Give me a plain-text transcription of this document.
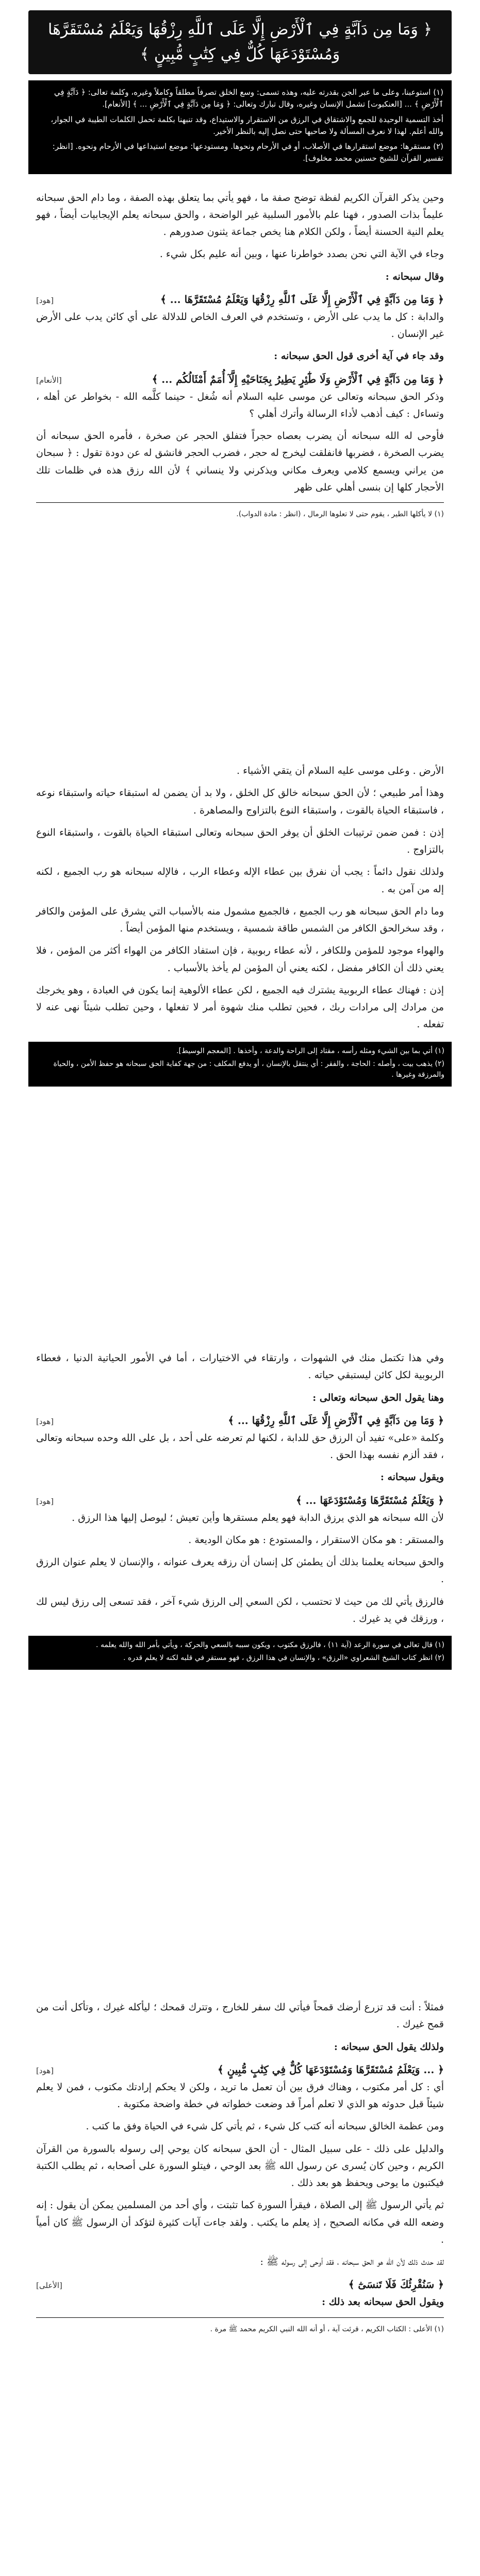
﴿ وَمَا مِن دَآبَّةٍ فِي ٱلْأَرْضِ إِلَّا عَلَى ٱللَّهِ رِزْقُهَا وَيَعْلَمُ مُسْتَقَرَّهَا وَمُسْتَوْدَعَهَا كُلٌّ فِي كِتَٰبٍ مُّبِينٍ ﴾

(١) استوعبنا، وعلى ما عبر الجن بقدرته عليه، وهذه تسمى: وسع الخلق تصرفاً مطلقاً وكاملاً وغيره، وكلمة تعالى: ﴿ دَآبَّةٍ فِي ٱلْأَرْضِ ﴾ ... [العنكبوت] تشمل الإنسان وغيره، وقال تبارك وتعالى: ﴿ وَمَا مِن دَآبَّةٍ فِي ٱلْأَرْضِ ... ﴾ [الأنعام].

أخذ التسمية الوحيدة للجمع والاشتقاق في الرزق من الاستقرار والاستيداع، وقد تنبهنا بكلمة تحمل الكلمات الطيبة في الجوار، والله أعلم. لهذا لا نعرف المسألة ولا صاحبها حتى نصل إليه بالنظر الأخير.

(٢) مستقرها: موضع استقرارها في الأصلاب، أو في الأرحام ونحوها. ومستودعها: موضع استيداعها في الأرحام ونحوه. [انظر: تفسير القرآن للشيخ حسنين محمد مخلوف].

وحين يذكر القرآن الكريم لفظة توضح صفة ما ، فهو يأتي بما يتعلق بهذه الصفة ، وما دام الحق سبحانه عليماً بذات الصدور ، فهنا علم بالأمور السلبية غير الواضحة ، والحق سبحانه يعلم الإيجابيات أيضاً ، فهو يعلم النية الحسنة أيضاً ، ولكن الكلام هنا يخص جماعة يثنون صدورهم .

وجاء في الآية التي نحن بصدد خواطرنا عنها ، وبين أنه عليم بكل شيء .

وقال سبحانه :

﴿ وَمَا مِن دَآبَّةٍ فِي ٱلْأَرْضِ إِلَّا عَلَى ٱللَّهِ رِزْقُهَا وَيَعْلَمُ مُسْتَقَرَّهَا ... ﴾
[هود]

والدابة : كل ما يدب على الأرض ، وتستخدم في العرف الخاص للدلالة على أي كائن يدب على الأرض غير الإنسان .

وقد جاء في آية أخرى قول الحق سبحانه :

﴿ وَمَا مِن دَآبَّةٍ فِي ٱلْأَرْضِ وَلَا طَٰٓئِرٍ يَطِيرُ بِجَنَاحَيْهِ إِلَّآ أُمَمٌ أَمْثَالُكُم ... ﴾
[الأنعام]

وذكر الحق سبحانه وتعالى عن موسى عليه السلام أنه شُغل - حينما كلَّمه الله - بخواطر عن أهله ، وتساءل : كيف أذهب لأداء الرسالة وأترك أهلي ؟

فأوحى له الله سبحانه أن يضرب بعصاه حجراً فتفلق الحجر عن صخرة ، فأمره الحق سبحانه أن يضرب الصخرة ، فضربها فانفلقت ليخرج له حجر ، فضرب الحجر فانشق له عن دودة تقول : ﴿ سبحان من يراني ويسمع كلامي ويعرف مكاني ويذكرني ولا ينساني ﴾ لأن الله رزق هذه في ظلمات تلك الأحجار كلها إن بنسى أهلي على ظهر

(١) لا يأكلها الطير ، يقوم حتى لا تعلوها الرمال ، (انظر : مادة الدواب).

الأرض . وعلى موسى عليه السلام أن يتقي الأشياء .

وهذا أمر طبيعي ؛ لأن الحق سبحانه خالق كل الخلق ، ولا بد أن يضمن له استبقاء حياته واستبقاء نوعه ، فاستبقاء الحياة بالقوت ، واستبقاء النوع بالتزاوج والمصاهرة .

إذن : فمن ضمن ترتيبات الخلق أن يوفر الحق سبحانه وتعالى استبقاء الحياة بالقوت ، واستبقاء النوع بالتزاوج .

ولذلك نقول دائماً : يجب أن نفرق بين عطاء الإله وعطاء الرب ، فالإله سبحانه هو رب الجميع ، لكنه إله من آمن به .

وما دام الحق سبحانه هو رب الجميع ، فالجميع مشمول منه بالأسباب التي يشرق على المؤمن والكافر ، وقد سخرالحق الكافر من الشمس طاقة شمسية ، ويستخدم منها المؤمن أيضاً .

والهواء موجود للمؤمن وللكافر ، لأنه عطاء ربوبية ، فإن استفاد الكافر من الهواء أكثر من المؤمن ، فلا يعني ذلك أن الكافر مفضل ، لكنه يعني أن المؤمن لم يأخذ بالأسباب .

إذن : فهناك عطاء الربوبية يشترك فيه الجميع ، لكن عطاء الألوهية إنما يكون في العبادة ، وهو يخرجك من مرادك إلى مرادات ربك ، فحين تطلب منك شهوة أمر لا تفعلها ، وحين تطلب شيئاً نهى عنه لا تفعله .

(١) أتي بما بين الشيء ومثله رأسه ، مقتاد إلى الراحة والدعة ، وأخذها . [المعجم الوسيط].

(٢) يذهب بيت ، وأصله : الحاجة ، والفقر : أي ينتقل بالإنسان ، أو يدفع المكلف : من جهة كفاية الحق سبحانه هو حفظ الأمن ، والحياة والمرزقة وغيرها .

وفي هذا تكتمل منك في الشهوات ، وارتقاء في الاختيارات ، أما في الأمور الحياتية الدنيا ، فعطاء الربوبية لكل كائن ليستبقي حياته .

وهنا يقول الحق سبحانه وتعالى :

﴿ وَمَا مِن دَآبَّةٍ فِي ٱلْأَرْضِ إِلَّا عَلَى ٱللَّهِ رِزْقُهَا ... ﴾
[هود]

وكلمة «على» تفيد أن الرزق حق للدابة ، لكنها لم تعرضه على أحد ، بل على الله وحده سبحانه وتعالى ، فقد ألزم نفسه بهذا الحق .

ويقول سبحانه :

﴿ وَيَعْلَمُ مُسْتَقَرَّهَا وَمُسْتَوْدَعَهَا ... ﴾
[هود]

لأن الله سبحانه هو الذي يرزق الدابة فهو يعلم مستقرها وأين تعيش ؛ ليوصل إليها هذا الرزق .

والمستقر : هو مكان الاستقرار ، والمستودع : هو مكان الوديعة .

والحق سبحانه يعلمنا بذلك أن يطمئن كل إنسان أن رزقه يعرف عنوانه ، والإنسان لا يعلم عنوان الرزق .

فالرزق يأتي لك من حيث لا تحتسب ، لكن السعي إلى الرزق شيء آخر ، فقد تسعى إلى رزق ليس لك ، ورزقك في يد غيرك .

(١) قال تعالى في سورة الرعد (آية ١١) ، فالرزق مكتوب ، ويكون سببه بالسعي والحركة ، ويأتي بأمر الله والله يعلمه .

(٢) انظر كتاب الشيخ الشعراوي «الرزق» ، والإنسان في هذا الرزق ، فهو مستقر في قلبه لكنه لا يعلم قدره .

فمثلاً : أنت قد تزرع أرضك قمحاً فيأتي لك سفر للخارج ، وتترك قمحك ؛ ليأكله غيرك ، وتأكل أنت من قمح غيرك .

ولذلك يقول الحق سبحانه :

﴿ ... وَيَعْلَمُ مُسْتَقَرَّهَا وَمُسْتَوْدَعَهَا كُلٌّ فِي كِتَٰبٍ مُّبِينٍ ﴾
[هود]

أي : كل أمر مكتوب ، وهناك فرق بين أن تعمل ما تريد ، ولكن لا يحكم إرادتك مكتوب ، فمن لا يعلم شيئاً قبل حدوثه هو الذي لا تعلم أمراً قد وضعت خطواته في خطة واضحة مكتوبة .

ومن عظمة الخالق سبحانه أنه كتب كل شيء ، ثم يأتي كل شيء في الحياة وفق ما كتب .

والدليل على ذلك - على سبيل المثال - أن الحق سبحانه كان يوحي إلى رسوله بالسورة من القرآن الكريم ، وحين كان يُسرى عن رسول الله ﷺ بعد الوحي ، فيتلو السورة على أصحابه ، ثم يطلب الكتبة فيكتبون ما يوحى ويحفظ هو بعد ذلك .

ثم يأتي الرسول ﷺ إلى الصلاة ، فيقرأ السورة كما تثبتت ، وأي أحد من المسلمين يمكن أن يقول : إنه وضعه الله في مكانه الصحيح ، إذ يعلم ما يكتب . ولقد جاءت آيات كثيرة لتؤكد أن الرسول ﷺ كان أمياً .

لقد حدث ذلك لأن الله هو الحق سبحانه ، فقد أوحى إلى رسوله ﷺ :

﴿ سَنُقْرِئُكَ فَلَا تَنسَىٰٓ ﴾
[الأعلى]

ويقول الحق سبحانه بعد ذلك :

(١) الأعلى : الكتاب الكريم ، قرئت آية ، أو أنه الله النبي الكريم محمد ﷺ مرة .
